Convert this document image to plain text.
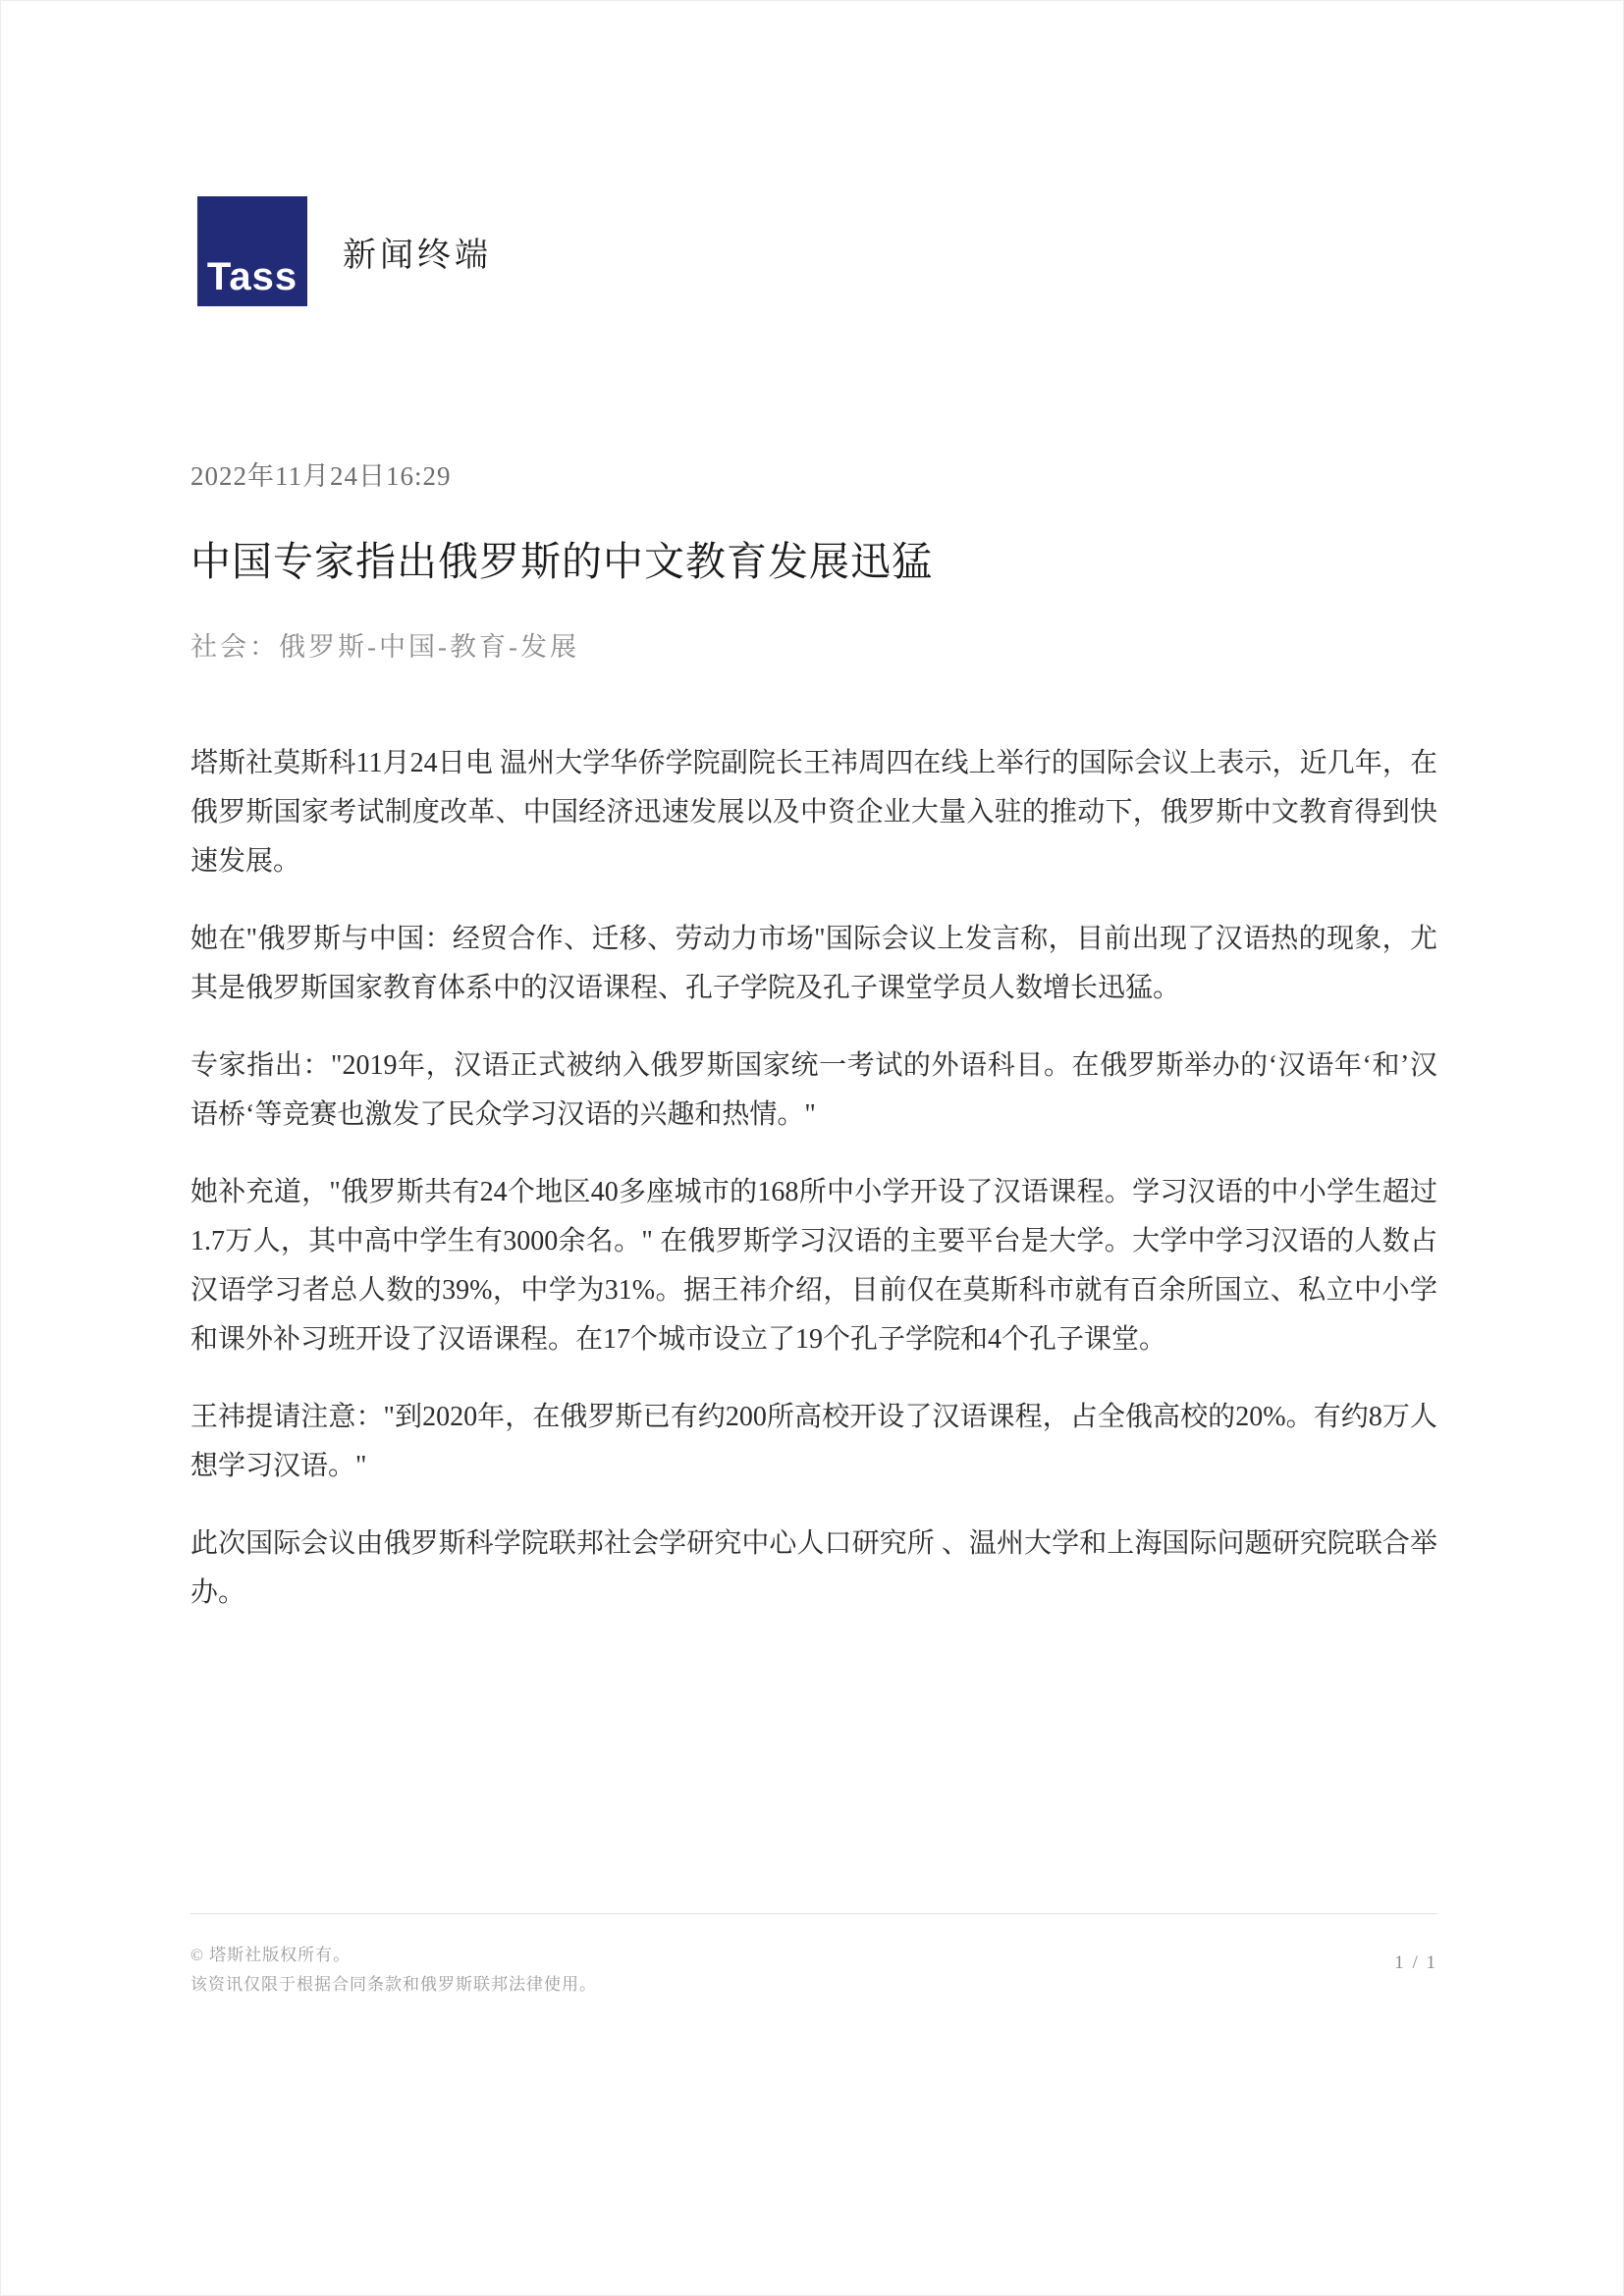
Tass 新闻终端
2022年11月24日16:29
中国专家指出俄罗斯的中文教育发展迅猛
社会：俄罗斯-中国-教育-发展

塔斯社莫斯科11月24日电 温州大学华侨学院副院长王祎周四在线上举行的国际会议上表示，近几年，在俄罗斯国家考试制度改革、中国经济迅速发展以及中资企业大量入驻的推动下，俄罗斯中文教育得到快速发展。

她在"俄罗斯与中国：经贸合作、迁移、劳动力市场"国际会议上发言称，目前出现了汉语热的现象，尤其是俄罗斯国家教育体系中的汉语课程、孔子学院及孔子课堂学员人数增长迅猛。

专家指出："2019年，汉语正式被纳入俄罗斯国家统一考试的外语科目。在俄罗斯举办的‘汉语年‘和’汉语桥‘等竞赛也激发了民众学习汉语的兴趣和热情。"

她补充道，"俄罗斯共有24个地区40多座城市的168所中小学开设了汉语课程。学习汉语的中小学生超过1.7万人，其中高中学生有3000余名。" 在俄罗斯学习汉语的主要平台是大学。大学中学习汉语的人数占汉语学习者总人数的39%，中学为31%。据王祎介绍，目前仅在莫斯科市就有百余所国立、私立中小学和课外补习班开设了汉语课程。在17个城市设立了19个孔子学院和4个孔子课堂。

王祎提请注意："到2020年，在俄罗斯已有约200所高校开设了汉语课程，占全俄高校的20%。有约8万人想学习汉语。"

此次国际会议由俄罗斯科学院联邦社会学研究中心人口研究所 、温州大学和上海国际问题研究院联合举办。

© 塔斯社版权所有。
该资讯仅限于根据合同条款和俄罗斯联邦法律使用。
1 / 1
